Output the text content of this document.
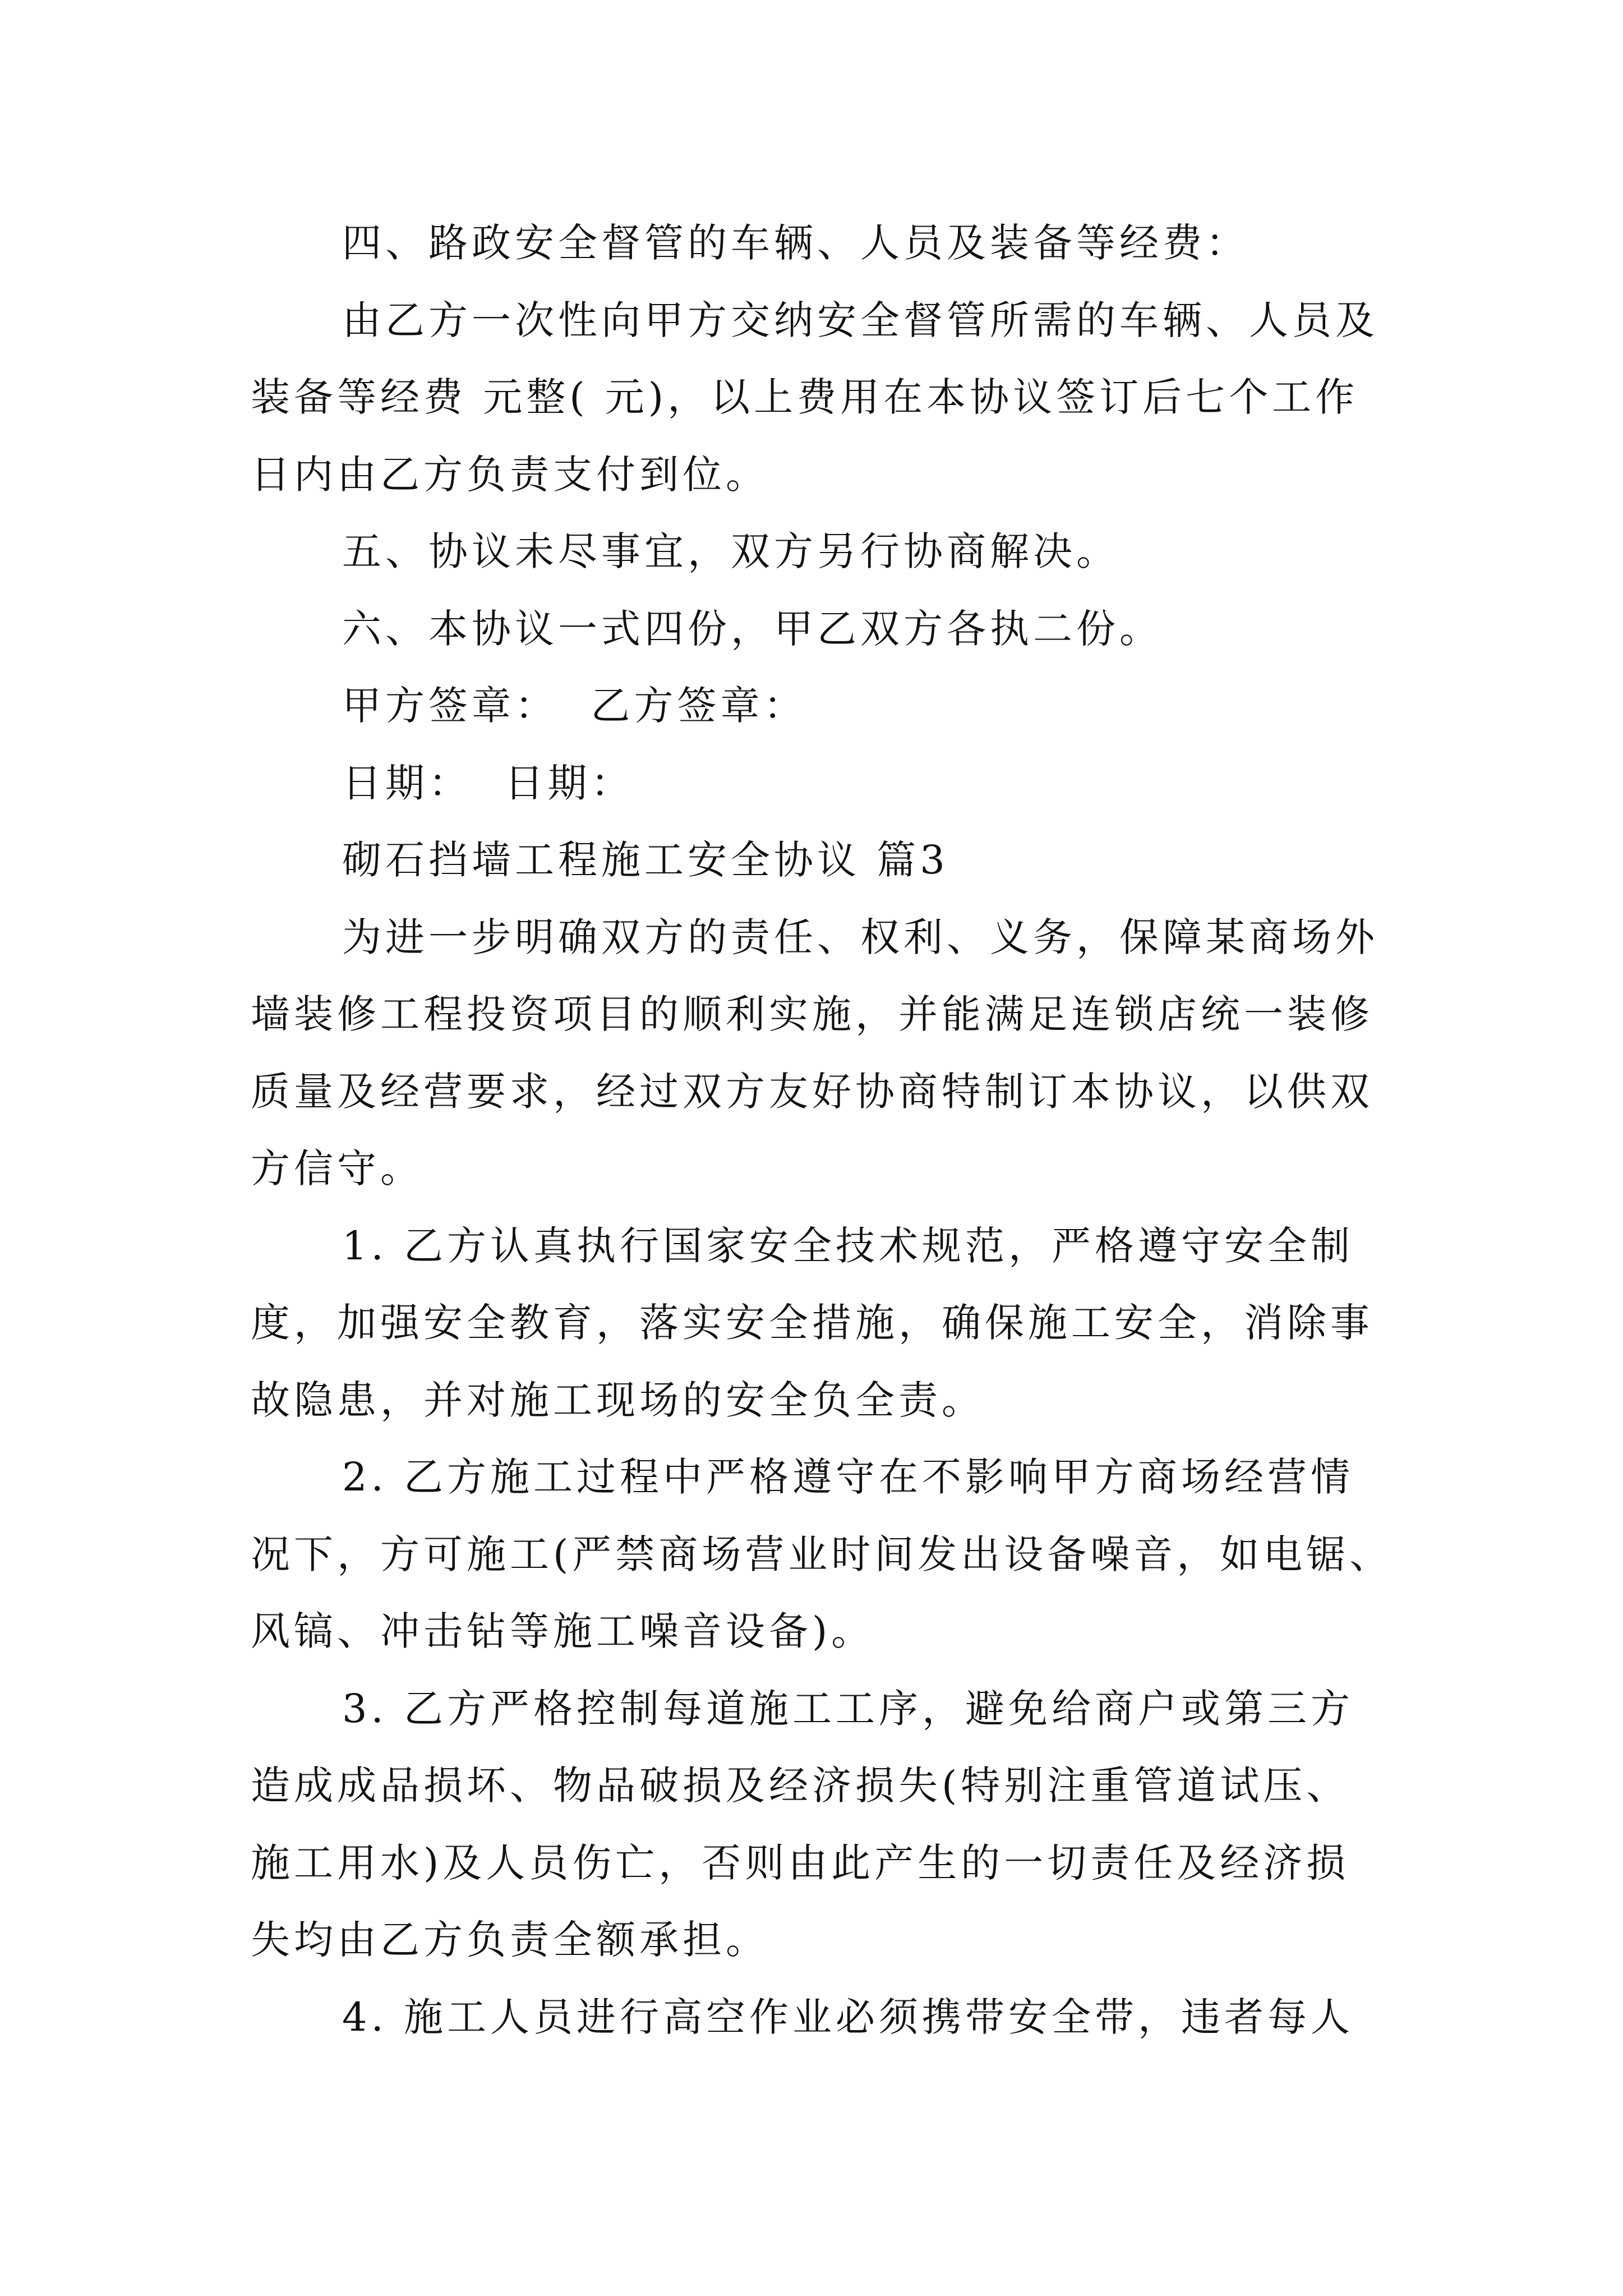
四、路政安全督管的车辆、人员及装备等经费：
由乙方一次性向甲方交纳安全督管所需的车辆、人员及
装备等经费 元整( 元)，以上费用在本协议签订后七个工作
日内由乙方负责支付到位。
五、协议未尽事宜，双方另行协商解决。
六、本协议一式四份，甲乙双方各执二份。
甲方签章：  乙方签章：
日期：  日期：
砌石挡墙工程施工安全协议 篇3
为进一步明确双方的责任、权利、义务，保障某商场外
墙装修工程投资项目的顺利实施，并能满足连锁店统一装修
质量及经营要求，经过双方友好协商特制订本协议，以供双
方信守。
1. 乙方认真执行国家安全技术规范，严格遵守安全制
度，加强安全教育，落实安全措施，确保施工安全，消除事
故隐患，并对施工现场的安全负全责。
2. 乙方施工过程中严格遵守在不影响甲方商场经营情
况下，方可施工(严禁商场营业时间发出设备噪音，如电锯、
风镐、冲击钻等施工噪音设备)。
3. 乙方严格控制每道施工工序，避免给商户或第三方
造成成品损坏、物品破损及经济损失(特别注重管道试压、
施工用水)及人员伤亡，否则由此产生的一切责任及经济损
失均由乙方负责全额承担。
4. 施工人员进行高空作业必须携带安全带，违者每人
